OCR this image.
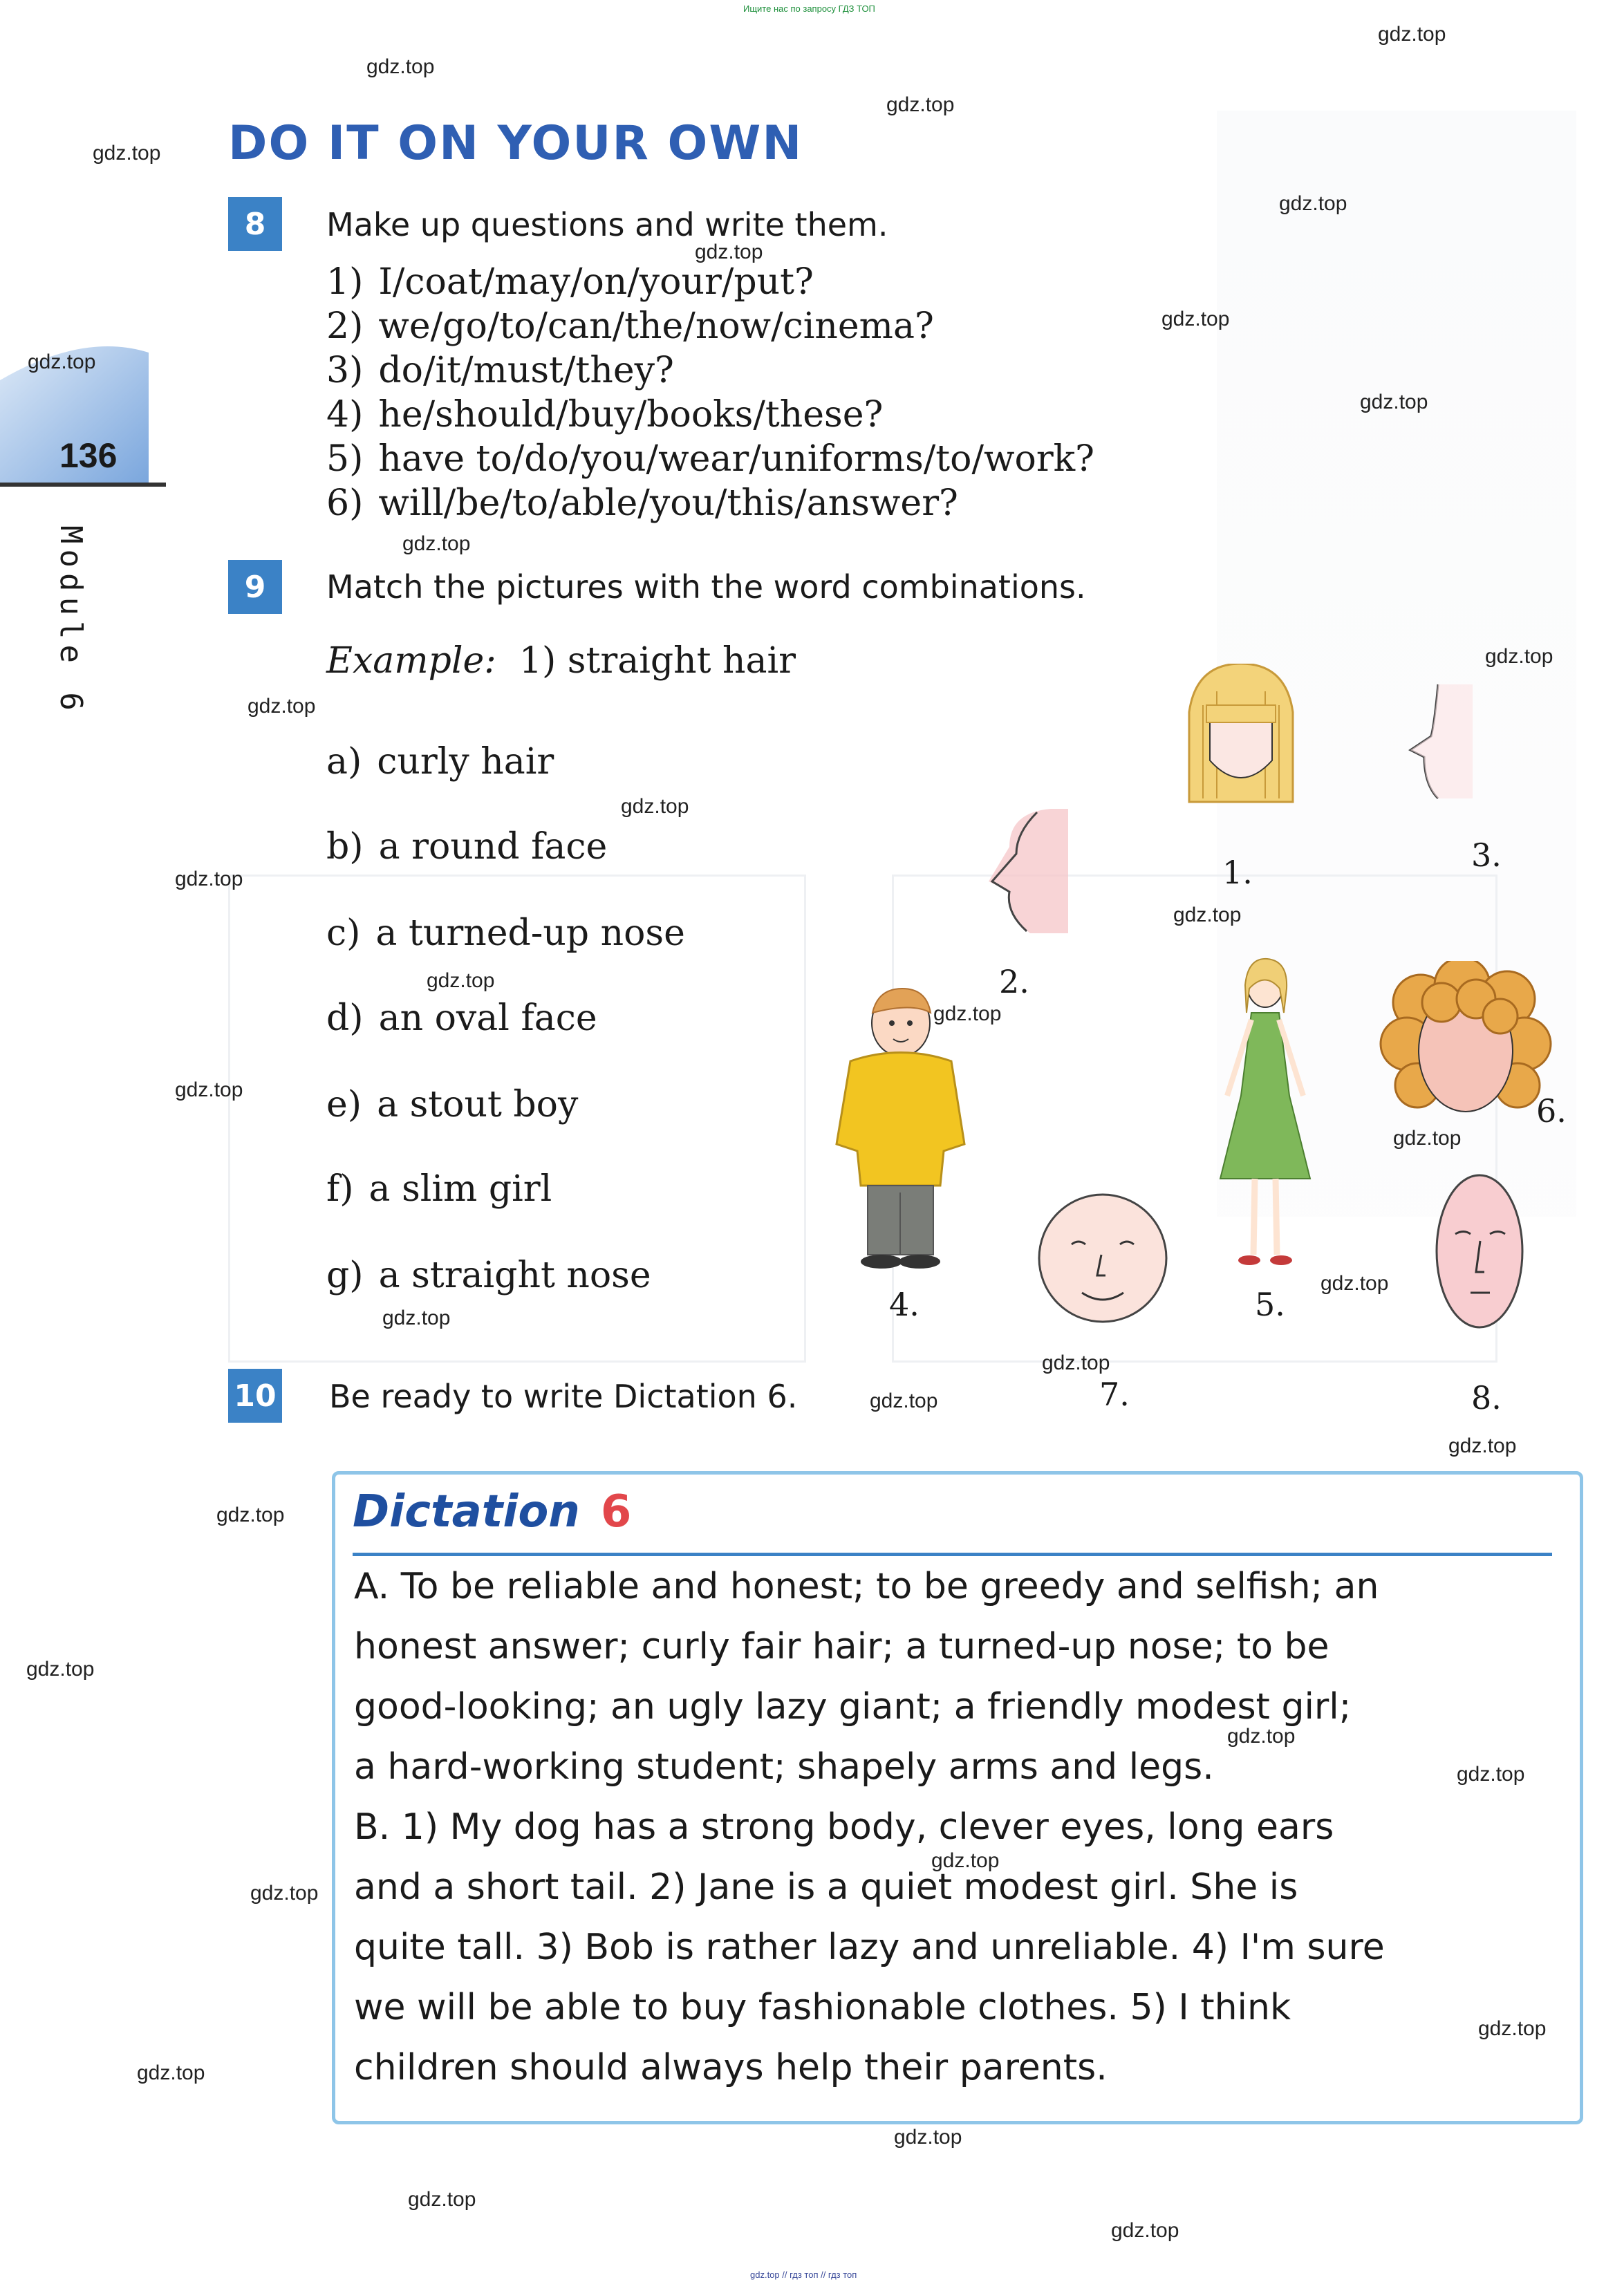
Ищите нас по запросу ГДЗ ТОП
gdz.top // гдз топ // гдз топ
136
Module 6
DO IT ON YOUR OWN
8	Make up questions and write them.
1) I/coat/may/on/your/put?
2) we/go/to/can/the/now/cinema?
3) do/it/must/they?
4) he/should/buy/books/these?
5) have to/do/you/wear/uniforms/to/work?
6) will/be/to/able/you/this/answer?
9	Match the pictures with the word combinations.
Example: 1) straight hair
a) curly hair
b) a round face
c) a turned-up nose
d) an oval face
e) a stout boy
f) a slim girl
g) a straight nose
1.
2.
3.
4.	5.
6.
7.	8.
10 Be ready to write Dictation 6.
Dictation 6
A. To be reliable and honest; to be greedy and selfish; an
honest answer; curly fair hair; a turned-up nose; to be
good-looking; an ugly lazy giant; a friendly modest girl;
a hard-working student; shapely arms and legs.
B. 1) My dog has a strong body, clever eyes, long ears
and a short tail. 2) Jane is a quiet modest girl. She is
quite tall. 3) Bob is rather lazy and unreliable. 4) I'm sure
we will be able to buy fashionable clothes. 5) I think
children should always help their parents.
gdz.top
gdz.top
gdz.top
gdz.top
gdz.top
gdz.top
gdz.top
gdz.top
gdz.top
gdz.top
gdz.top
gdz.top
gdz.top
gdz.top
gdz.top
gdz.top
gdz.top
gdz.top
gdz.top
gdz.top
gdz.top
gdz.top
gdz.top
gdz.top
gdz.top
gdz.top
gdz.top
gdz.top
gdz.top
gdz.top
gdz.top
gdz.top
gdz.top
gdz.top
gdz.top
